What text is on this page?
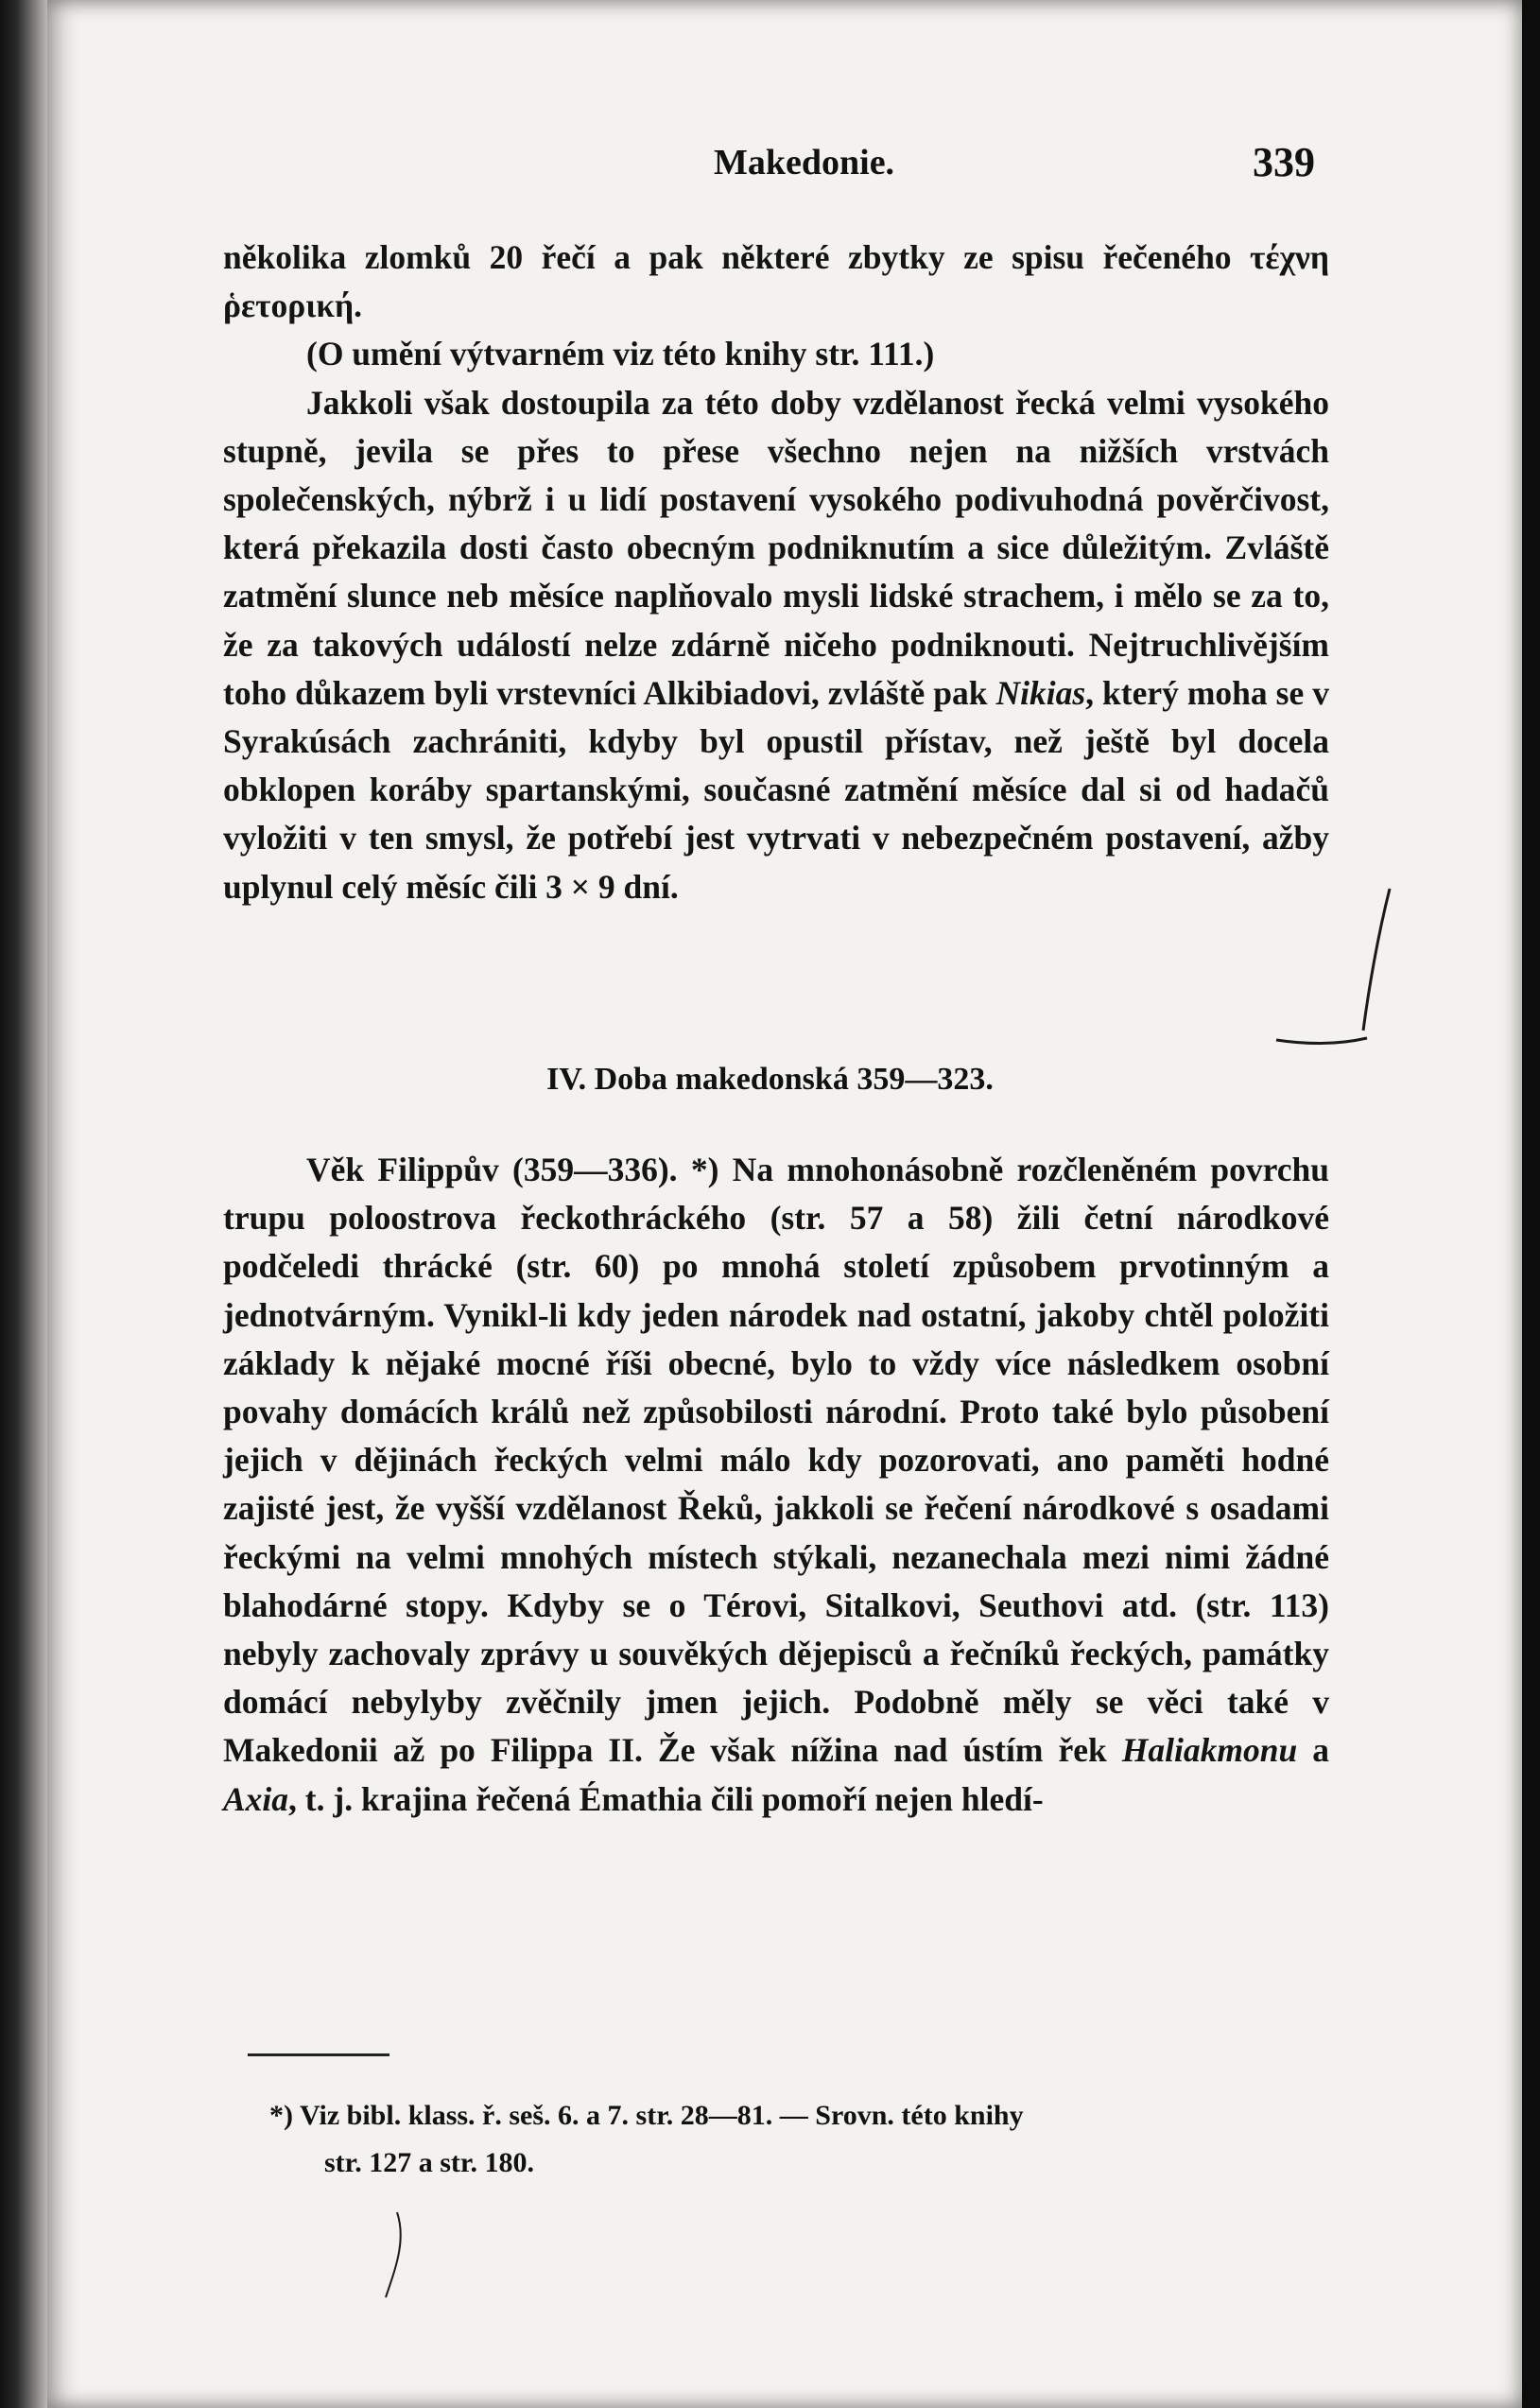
Makedonie.	339

několika zlomků 20 řečí a pak některé zbytky ze spisu řečeného τέχνη ῥετορική.

(O umění výtvarném viz této knihy str. 111.)

Jakkoli však dostoupila za této doby vzdělanost řecká velmi vysokého stupně, jevila se přes to přese všechno nejen na nižších vrstvách společenských, nýbrž i u lidí postavení vysokého podivuhodná pověrčivost, která překazila dosti často obecným podniknutím a sice důležitým. Zvláště zatmění slunce neb měsíce naplňovalo mysli lidské strachem, i mělo se za to, že za takových událostí nelze zdárně ničeho podniknouti. Nejtruchlivějším toho důkazem byli vrstevníci Alkibiadovi, zvláště pak Nikias, který moha se v Syrakúsách zachrániti, kdyby byl opustil přístav, než ještě byl docela obklopen koráby spartanskými, současné zatmění měsíce dal si od hadačů vyložiti v ten smysl, že potřebí jest vytrvati v nebezpečném postavení, ažby uplynul celý měsíc čili 3 × 9 dní.

IV. Doba makedonská 359—323.

Věk Filippův (359—336). *) Na mnohonásobně rozčleněném povrchu trupu poloostrova řeckothráckého (str. 57 a 58) žili četní národkové podčeledi thrácké (str. 60) po mnohá století způsobem prvotinným a jednotvárným. Vynikl-li kdy jeden národek nad ostatní, jakoby chtěl položiti základy k nějaké mocné říši obecné, bylo to vždy více následkem osobní povahy domácích králů než způsobilosti národní. Proto také bylo působení jejich v dějinách řeckých velmi málo kdy pozorovati, ano paměti hodné zajisté jest, že vyšší vzdělanost Řeků, jakkoli se řečení národkové s osadami řeckými na velmi mnohých místech stýkali, nezanechala mezi nimi žádné blahodárné stopy. Kdyby se o Térovi, Sitalkovi, Seuthovi atd. (str. 113) nebyly zachovaly zprávy u souvěkých dějepisců a řečníků řeckých, památky domácí nebylyby zvěčnily jmen jejich. Podobně měly se věci také v Makedonii až po Filippa II. Že však nížina nad ústím řek Haliakmonu a Axia, t. j. krajina řečená Émathia čili pomoří nejen hledí-

*) Viz bibl. klass. ř. seš. 6. a 7. str. 28—81. — Srovn. této knihy

str. 127 a str. 180.
